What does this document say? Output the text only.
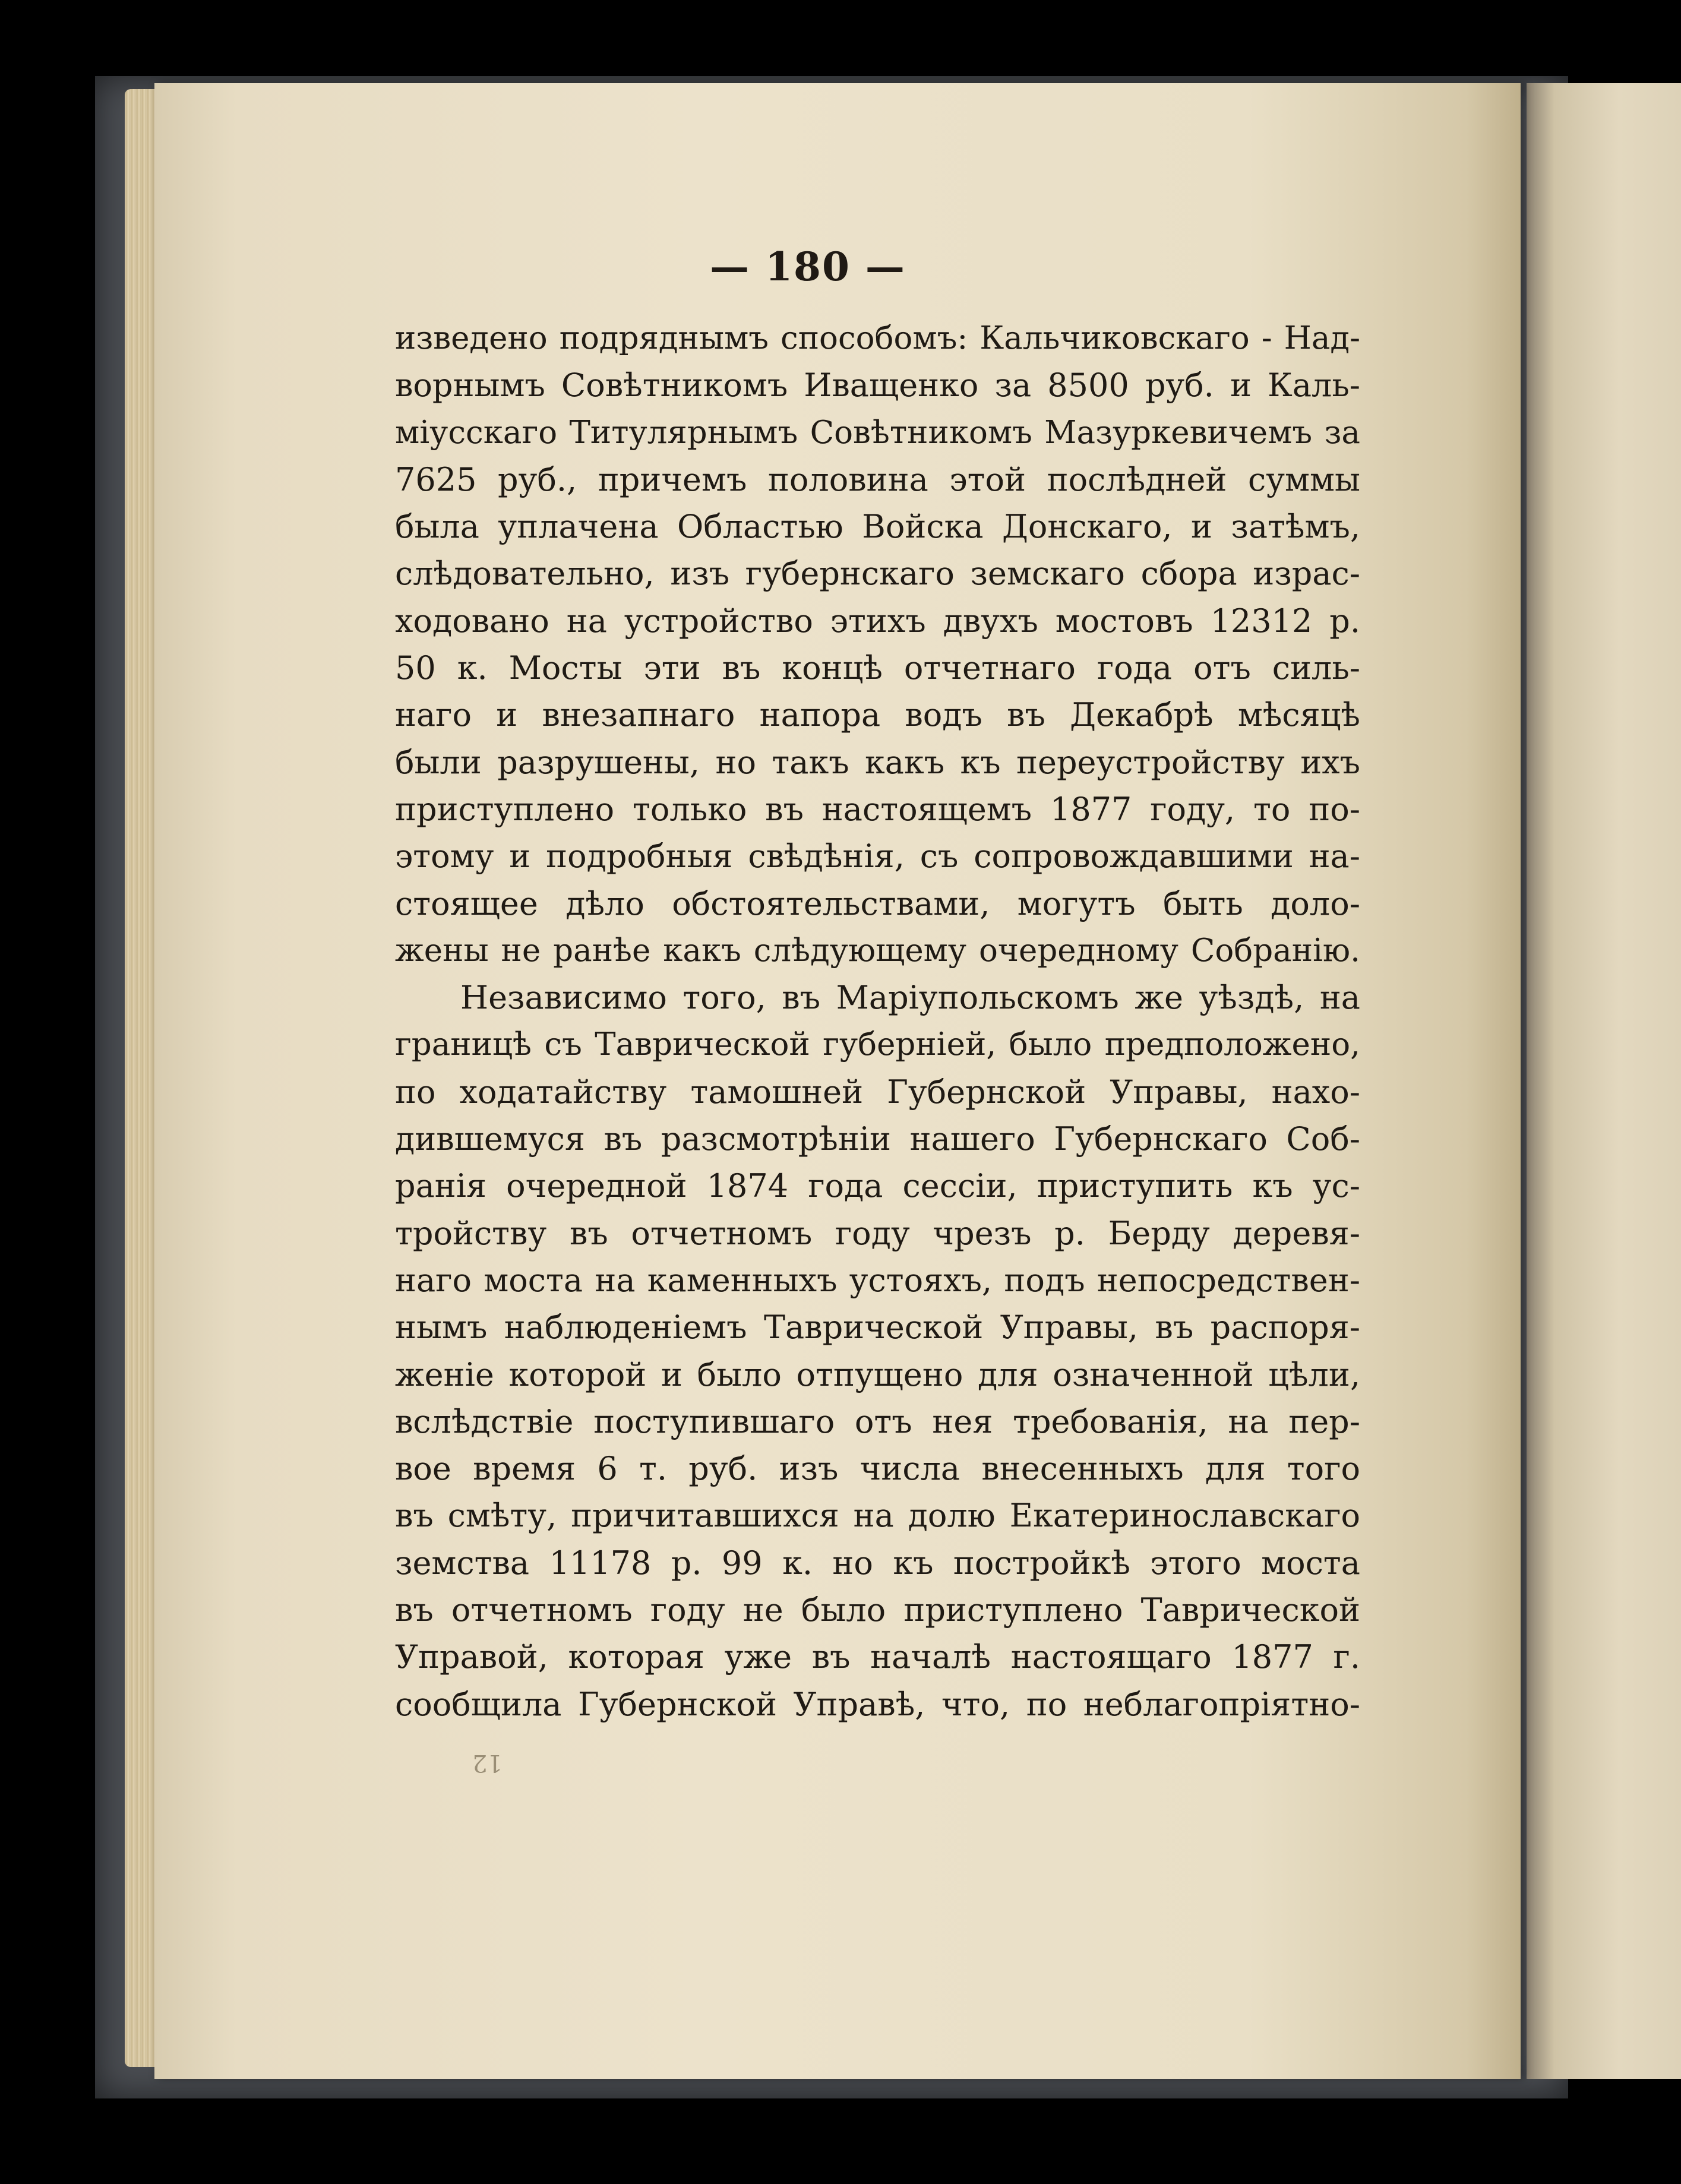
— 180 —
изведено подряднымъ способомъ: Кальчиковскаго - Над-
ворнымъ Совѣтникомъ Иващенко за 8500 руб. и Каль-
міусскаго Титулярнымъ Совѣтникомъ Мазуркевичемъ за
7625 руб., причемъ половина этой послѣдней суммы
была уплачена Областью Войска Донскаго, и затѣмъ,
слѣдовательно, изъ губернскаго земскаго сбора израс-
ходовано на устройство этихъ двухъ мостовъ 12312 р.
50 к. Мосты эти въ концѣ отчетнаго года отъ силь-
наго и внезапнаго напора водъ въ Декабрѣ мѣсяцѣ
были разрушены, но такъ какъ къ переустройству ихъ
приступлено только въ настоящемъ 1877 году, то по-
этому и подробныя свѣдѣнія, съ сопровождавшими на-
стоящее дѣло обстоятельствами, могутъ быть доло-
жены не ранѣе какъ слѣдующему очередному Собранію.
Независимо того, въ Маріупольскомъ же уѣздѣ, на
границѣ съ Таврической губерніей, было предположено,
по ходатайству тамошней Губернской Управы, нахо-
дившемуся въ разсмотрѣніи нашего Губернскаго Соб-
ранія очередной 1874 года сессіи, приступить къ ус-
тройству въ отчетномъ году чрезъ р. Берду деревя-
наго моста на каменныхъ устояхъ, подъ непосредствен-
нымъ наблюденіемъ Таврической Управы, въ распоря-
женіе которой и было отпущено для означенной цѣли,
вслѣдствіе поступившаго отъ нея требованія, на пер-
вое время 6 т. руб. изъ числа внесенныхъ для того
въ смѣту, причитавшихся на долю Екатеринославскаго
земства 11178 р. 99 к. но къ постройкѣ этого моста
въ отчетномъ году не было приступлено Таврической
Управой, которая уже въ началѣ настоящаго 1877 г.
сообщила Губернской Управѣ, что, по неблагопріятно-
12
